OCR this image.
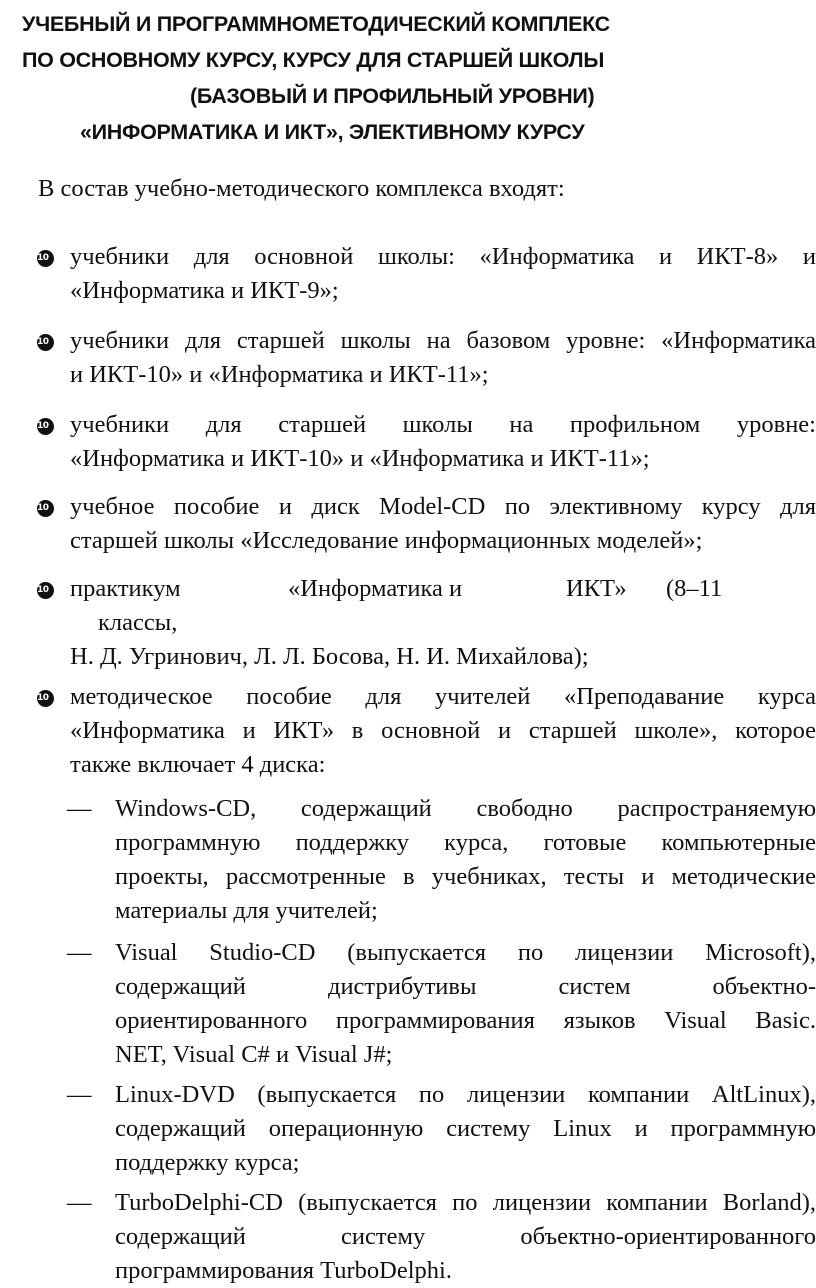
УЧЕБНЫЙ И ПРОГРАММНОМЕТОДИЧЕСКИЙ КОМПЛЕКС
ПО ОСНОВНОМУ КУРСУ, КУРСУ ДЛЯ СТАРШЕЙ ШКОЛЫ
(БАЗОВЫЙ И ПРОФИЛЬНЫЙ УРОВНИ)
«ИНФОРМАТИКА И ИКТ», ЭЛЕКТИВНОМУ КУРСУ
В состав учебно-методического комплекса входят:
10 учебники для основной школы: «Информатика и ИКТ-8» и
«Информатика и ИКТ-9»;
10 учебники для старшей школы на базовом уровне: «Информатика
и ИКТ-10» и «Информатика и ИКТ-11»;
10 учебники для старшей школы на профильном уровне:
«Информатика и ИКТ-10» и «Информатика и ИКТ-11»;
10 учебное пособие и диск Model-CD по элективному курсу для
старшей школы «Исследование информационных моделей»;
10 практикум	«Информатика и	ИКТ» (8–11
классы,
Н. Д. Угринович, Л. Л. Босова, Н. И. Михайлова);
10 методическое пособие для учителей «Преподавание курса
«Информатика и ИКТ» в основной и старшей школе», которое
также включает 4 диска:
— Windows-CD, содержащий свободно распространяемую
программную поддержку курса, готовые компьютерные
проекты, рассмотренные в учебниках, тесты и методические
материалы для учителей;
— Visual Studio-CD (выпускается по лицензии Microsoft),
содержащий дистрибутивы систем объектно-
ориентированного программирования языков Visual Basic.
NET, Visual C# и Visual J#;
— Linux-DVD (выпускается по лицензии компании AltLinux),
содержащий операционную систему Linux и программную
поддержку курса;
— TurboDelphi-CD (выпускается по лицензии компании Borland),
содержащий системy объектно-ориентированного
программирования TurboDelphi.
